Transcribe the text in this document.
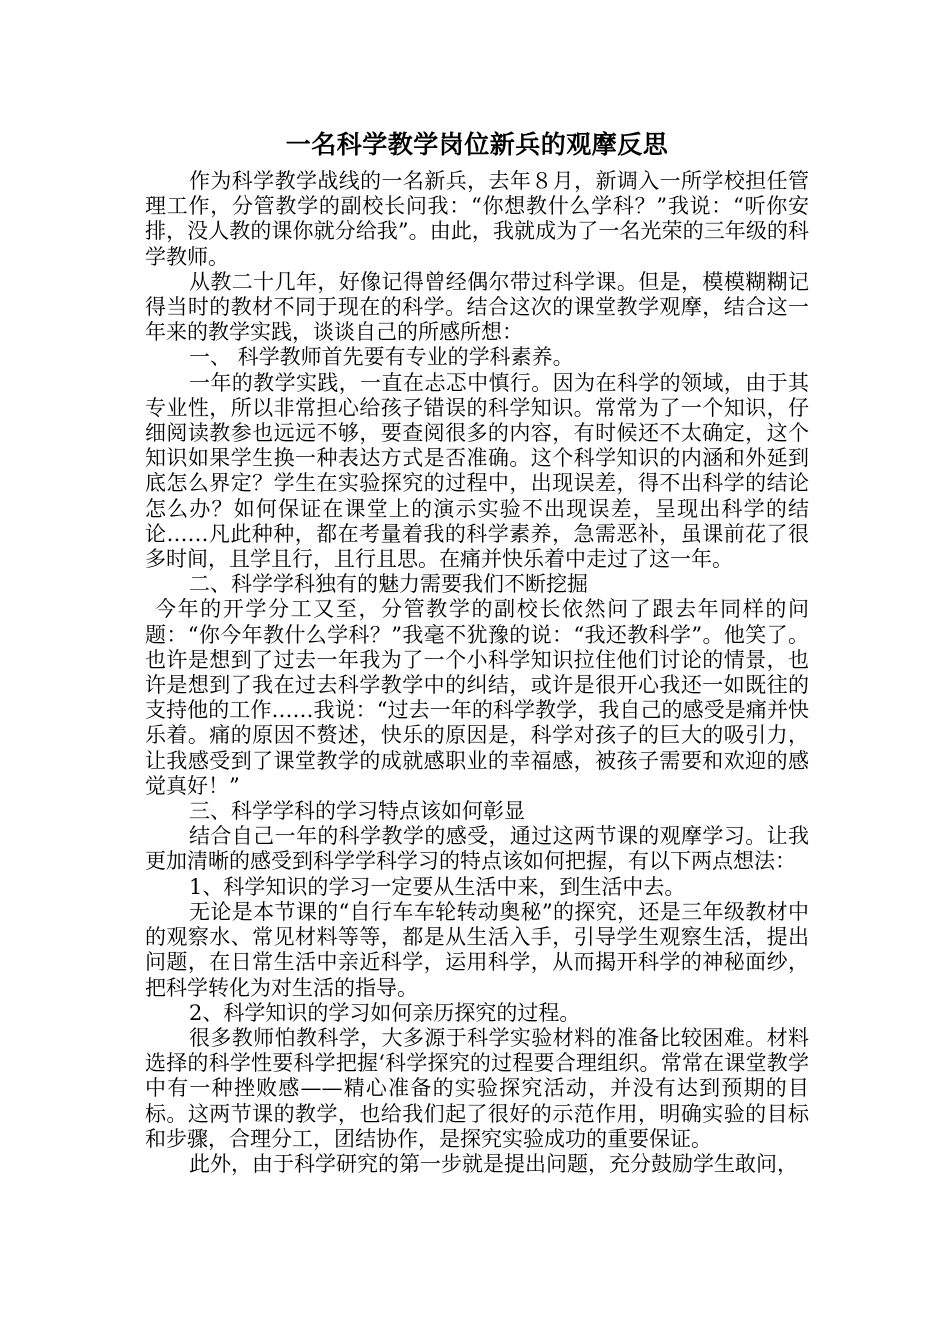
一名科学教学岗位新兵的观摩反思

作为科学教学战线的一名新兵，去年８月，新调入一所学校担任管理工作，分管教学的副校长问我：“你想教什么学科？”我说：“听你安排，没人教的课你就分给我”。由此，我就成为了一名光荣的三年级的科学教师。

从教二十几年，好像记得曾经偶尔带过科学课。但是，模模糊糊记得当时的教材不同于现在的科学。结合这次的课堂教学观摩，结合这一年来的教学实践，谈谈自己的所感所想：

一、 科学教师首先要有专业的学科素养。

一年的教学实践，一直在忐忑中慎行。因为在科学的领域，由于其专业性，所以非常担心给孩子错误的科学知识。常常为了一个知识，仔细阅读教参也远远不够，要查阅很多的内容，有时候还不太确定，这个知识如果学生换一种表达方式是否准确。这个科学知识的内涵和外延到底怎么界定？学生在实验探究的过程中，出现误差，得不出科学的结论怎么办？如何保证在课堂上的演示实验不出现误差，呈现出科学的结论……凡此种种，都在考量着我的科学素养，急需恶补，虽课前花了很多时间，且学且行，且行且思。在痛并快乐着中走过了这一年。

二、科学学科独有的魅力需要我们不断挖掘

今年的开学分工又至，分管教学的副校长依然问了跟去年同样的问题：“你今年教什么学科？”我毫不犹豫的说：“我还教科学”。他笑了。也许是想到了过去一年我为了一个小科学知识拉住他们讨论的情景，也许是想到了我在过去科学教学中的纠结，或许是很开心我还一如既往的支持他的工作……我说：“过去一年的科学教学，我自己的感受是痛并快乐着。痛的原因不赘述，快乐的原因是，科学对孩子的巨大的吸引力，让我感受到了课堂教学的成就感职业的幸福感，被孩子需要和欢迎的感觉真好！”

三、科学学科的学习特点该如何彰显

结合自己一年的科学教学的感受，通过这两节课的观摩学习。让我更加清晰的感受到科学学科学习的特点该如何把握，有以下两点想法：

1、科学知识的学习一定要从生活中来，到生活中去。

无论是本节课的“自行车车轮转动奥秘”的探究，还是三年级教材中的观察水、常见材料等等，都是从生活入手，引导学生观察生活，提出问题，在日常生活中亲近科学，运用科学，从而揭开科学的神秘面纱，把科学转化为对生活的指导。

2、科学知识的学习如何亲历探究的过程。

很多教师怕教科学，大多源于科学实验材料的准备比较困难。材料选择的科学性要科学把握‘科学探究的过程要合理组织。常常在课堂教学中有一种挫败感——精心准备的实验探究活动，并没有达到预期的目标。这两节课的教学，也给我们起了很好的示范作用，明确实验的目标和步骤，合理分工，团结协作，是探究实验成功的重要保证。

此外，由于科学研究的第一步就是提出问题，充分鼓励学生敢问，
